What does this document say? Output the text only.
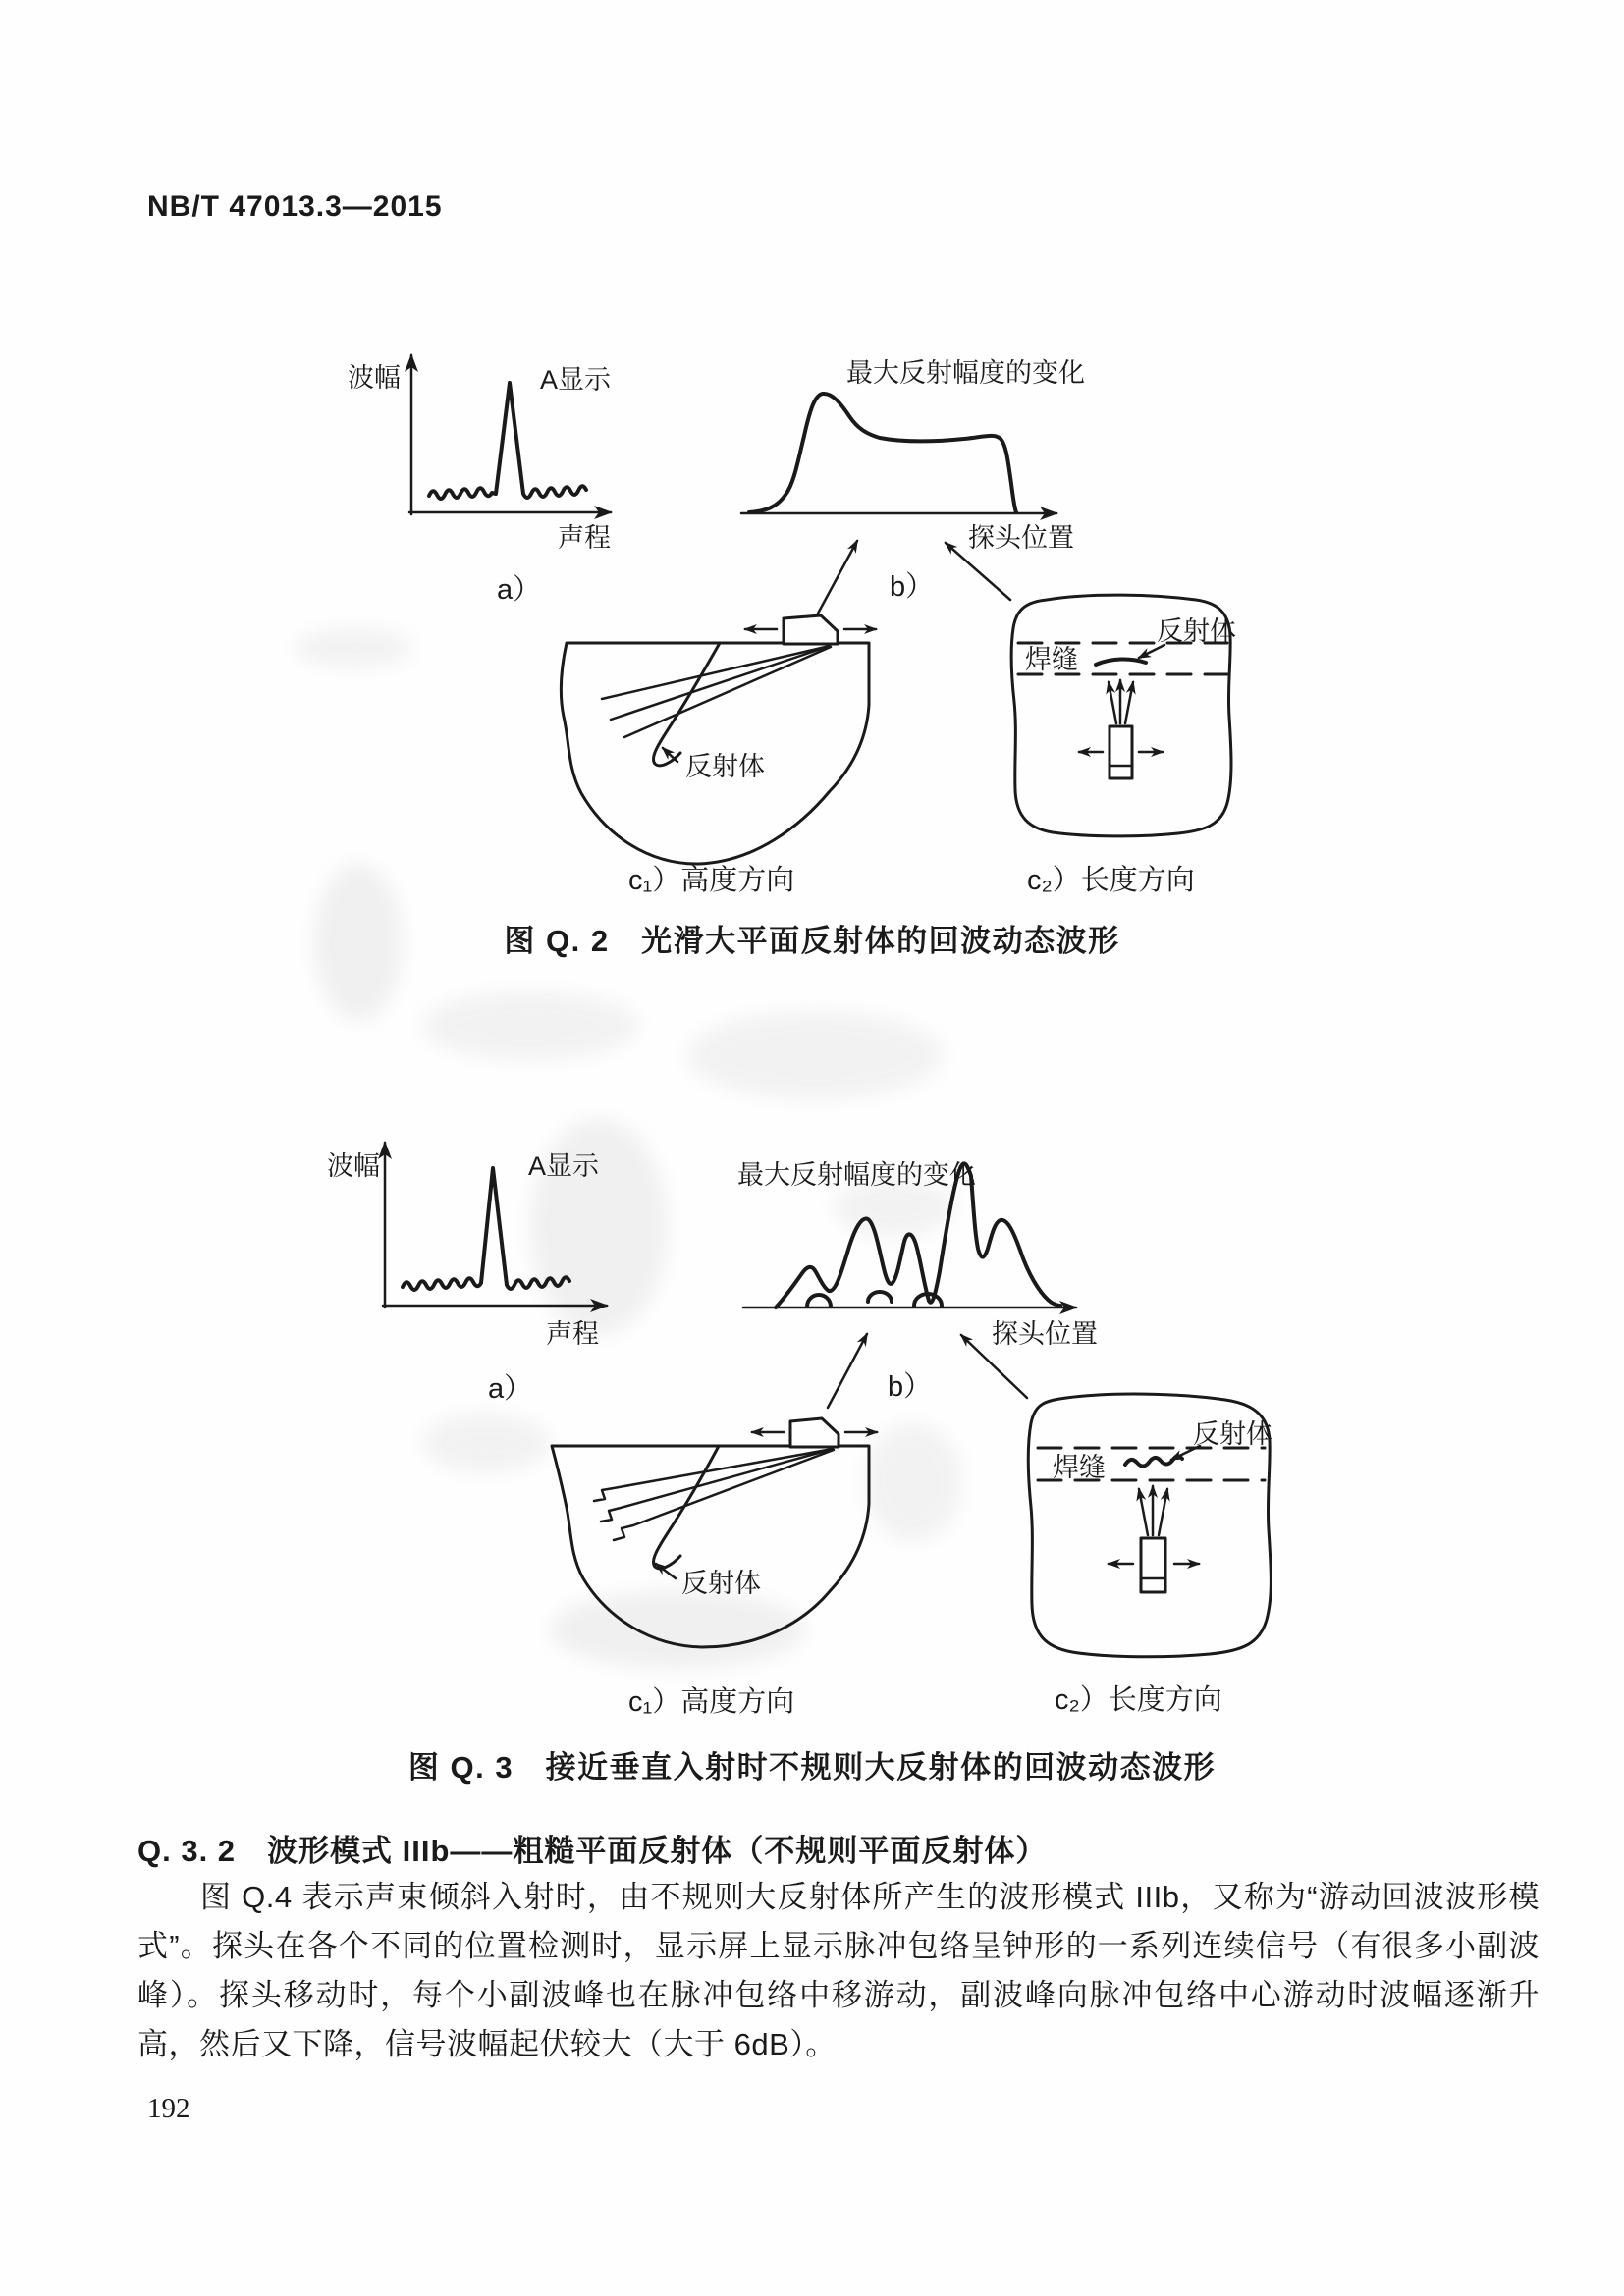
NB/T 47013.3—2015
波幅	A显示
声程
a）
最大反射幅度的变化
探头位置
b）
反射体
c₁）高度方向
焊缝
反射体
c₂）长度方向
波幅	A显示
声程
a）
最大反射幅度的变化
探头位置
b）
反射体
c₁）高度方向
焊缝
反射体
c₂）长度方向
图 Q. 2　光滑大平面反射体的回波动态波形
图 Q. 3　接近垂直入射时不规则大反射体的回波动态波形
Q. 3. 2　波形模式 IIIb——粗糙平面反射体（不规则平面反射体）
图 Q.4 表示声束倾斜入射时，由不规则大反射体所产生的波形模式 IIIb，又称为“游动回波波形模式”。探头在各个不同的位置检测时，显示屏上显示脉冲包络呈钟形的一系列连续信号（有很多小副波峰）。探头移动时，每个小副波峰也在脉冲包络中移游动，副波峰向脉冲包络中心游动时波幅逐渐升高，然后又下降，信号波幅起伏较大（大于 6dB）。
192
